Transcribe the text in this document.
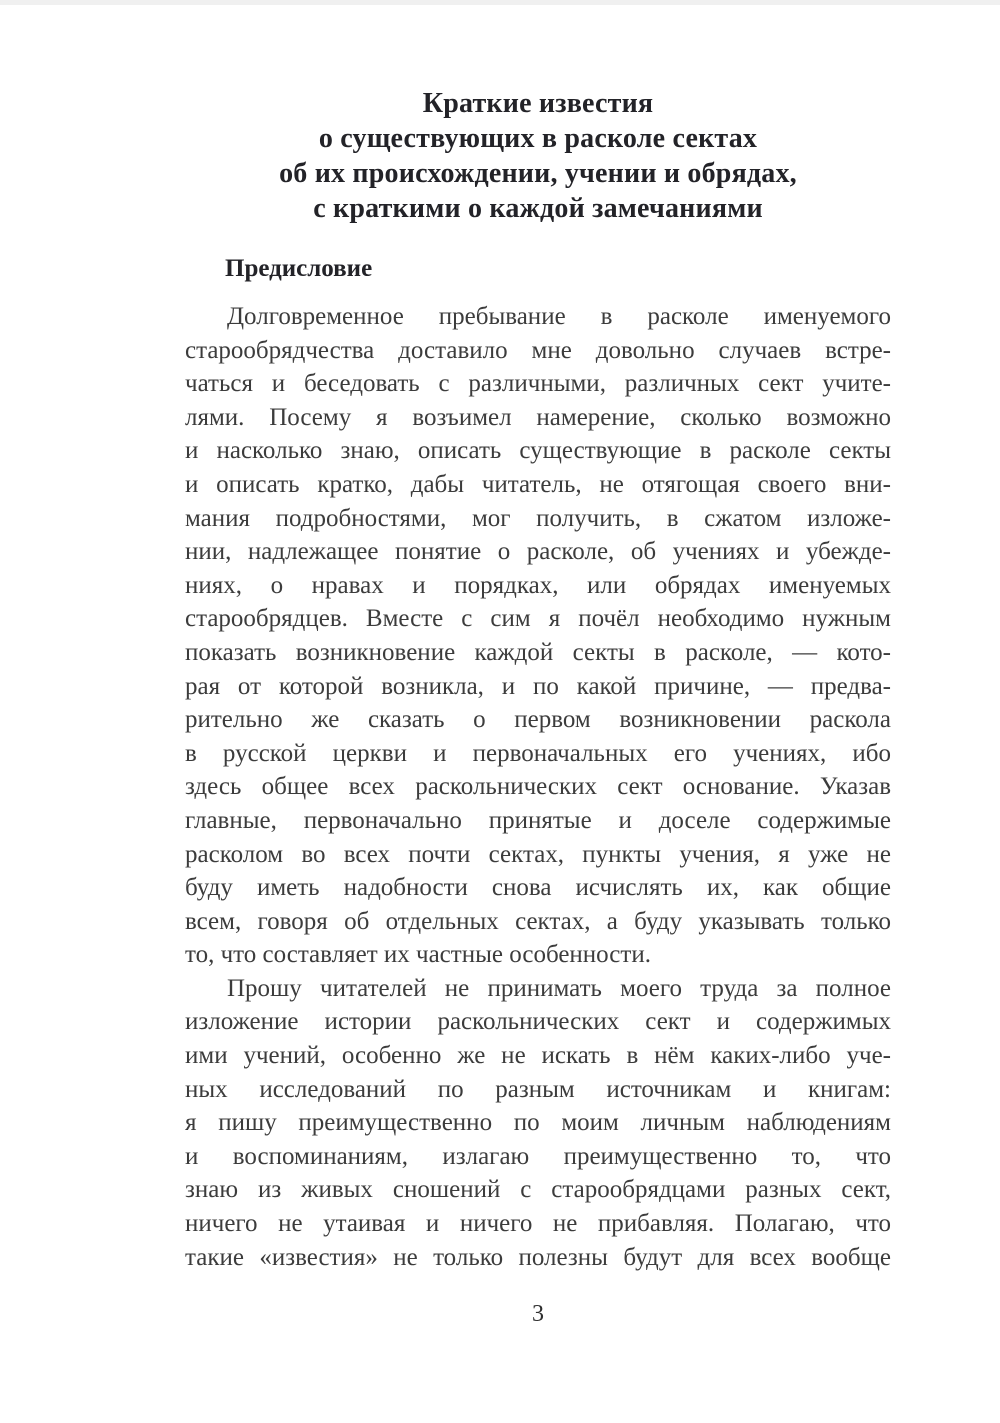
Краткие известия
о существующих в расколе сектах
об их происхождении, учении и обрядах,
с краткими о каждой замечаниями
Предисловие
Долговременное пребывание в расколе именуемого
старообрядчества доставило мне довольно случаев встре-
чаться и беседовать с различными, различных сект учите-
лями. Посему я возъимел намерение, сколько возможно
и насколько знаю, описать существующие в расколе секты
и описать кратко, дабы читатель, не отягощая своего вни-
мания подробностями, мог получить, в сжатом изложе-
нии, надлежащее понятие о расколе, об учениях и убежде-
ниях, о нравах и порядках, или обрядах именуемых
старообрядцев. Вместе с сим я почёл необходимо нужным
показать возникновение каждой секты в расколе, — кото-
рая от которой возникла, и по какой причине, — предва-
рительно же сказать о первом возникновении раскола
в русской церкви и первоначальных его учениях, ибо
здесь общее всех раскольнических сект основание. Указав
главные, первоначально принятые и доселе содержимые
расколом во всех почти сектах, пункты учения, я уже не
буду иметь надобности снова исчислять их, как общие
всем, говоря об отдельных сектах, а буду указывать только
то, что составляет их частные особенности.
Прошу читателей не принимать моего труда за полное
изложение истории раскольнических сект и содержимых
ими учений, особенно же не искать в нём каких-либо уче-
ных исследований по разным источникам и книгам:
я пишу преимущественно по моим личным наблюдениям
и воспоминаниям, излагаю преимущественно то, что
знаю из живых сношений с старообрядцами разных сект,
ничего не утаивая и ничего не прибавляя. Полагаю, что
такие «известия» не только полезны будут для всех вообще
3
